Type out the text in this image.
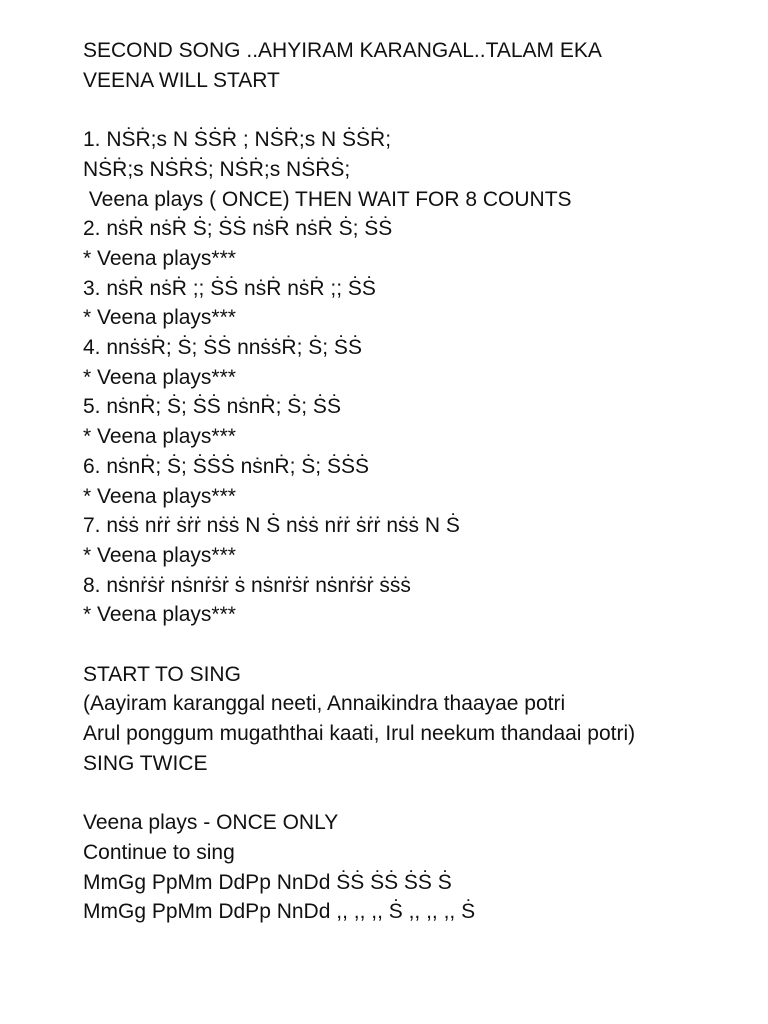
SECOND SONG ..AHYIRAM KARANGAL..TALAM EKA
VEENA WILL START
1. NṠṘ;s N ṠṠṘ ; NṠṘ;s N ṠṠṘ;
NṠṘ;s NṠṘṠ; NṠṘ;s NṠṘṠ;
Veena plays ( ONCE) THEN WAIT FOR 8 COUNTS
2. nṡṘ nṡṘ Ṡ; ṠṠ nṡṘ nṡṘ Ṡ; ṠṠ
* Veena plays***
3. nṡṘ nṡṘ ;; ṠṠ nṡṘ nṡṘ ;; ṠṠ
* Veena plays***
4. nnṡṡṘ; Ṡ; ṠṠ nnṡṡṘ; Ṡ; ṠṠ
* Veena plays***
5. nṡnṘ; Ṡ; ṠṠ nṡnṘ; Ṡ; ṠṠ
* Veena plays***
6. nṡnṘ; Ṡ; ṠṠṠ nṡnṘ; Ṡ; ṠṠṠ
* Veena plays***
7. nṡṡ nṙṙ ṡṙṙ nṡṡ N Ṡ nṡṡ nṙṙ ṡṙṙ nṡṡ N Ṡ
* Veena plays***
8. nṡnṙṡṙ nṡnṙṡṙ ṡ nṡnṙṡṙ nṡnṙṡṙ ṡṡṡ
* Veena plays***
START TO SING
(Aayiram karanggal neeti, Annaikindra thaayae potri
Arul ponggum mugaththai kaati, Irul neekum thandaai potri)
SING TWICE
Veena plays - ONCE ONLY
Continue to sing
MmGg PpMm DdPp NnDd ṠṠ ṠṠ ṠṠ Ṡ
MmGg PpMm DdPp NnDd ,, ,, ,, Ṡ ,, ,, ,, Ṡ
